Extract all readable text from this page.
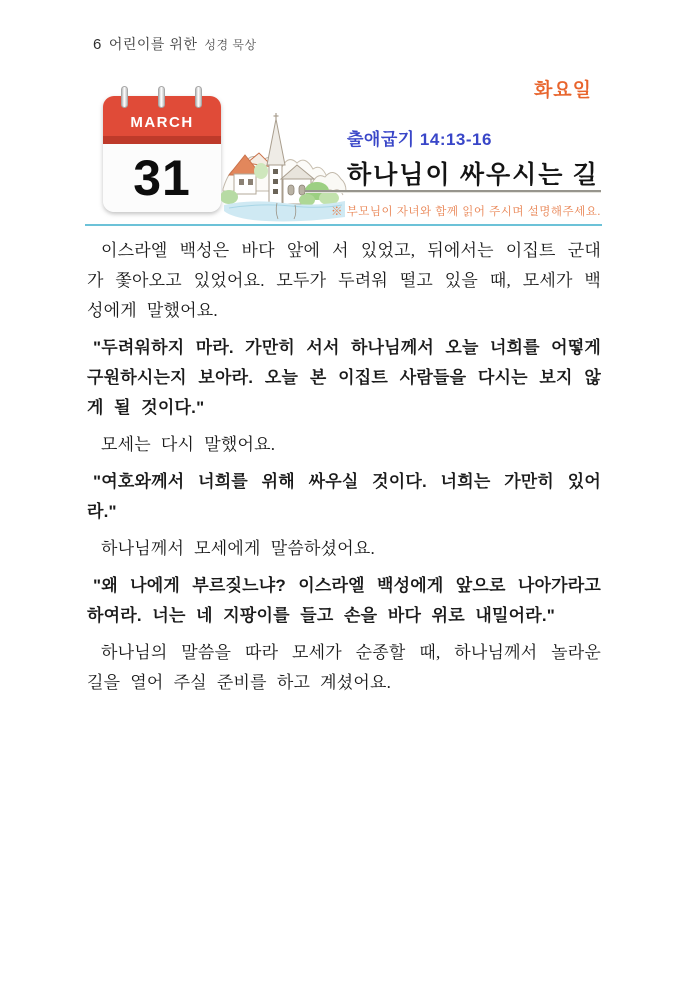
6 어린이를 위한 성경 묵상
화요일
MARCH
31
출애굽기 14:13-16
하나님이 싸우시는 길
※ 부모님이 자녀와 함께 읽어 주시며 설명해주세요.

이스라엘 백성은 바다 앞에 서 있었고, 뒤에서는 이집트 군대가 쫓아오고 있었어요. 모두가 두려워 떨고 있을 때, 모세가 백성에게 말했어요.

"두려워하지 마라. 가만히 서서 하나님께서 오늘 너희를 어떻게 구원하시는지 보아라. 오늘 본 이집트 사람들을 다시는 보지 않게 될 것이다."

모세는 다시 말했어요.

"여호와께서 너희를 위해 싸우실 것이다. 너희는 가만히 있어라."

하나님께서 모세에게 말씀하셨어요.

"왜 나에게 부르짖느냐? 이스라엘 백성에게 앞으로 나아가라고 하여라. 너는 네 지팡이를 들고 손을 바다 위로 내밀어라."

하나님의 말씀을 따라 모세가 순종할 때, 하나님께서 놀라운 길을 열어 주실 준비를 하고 계셨어요.
